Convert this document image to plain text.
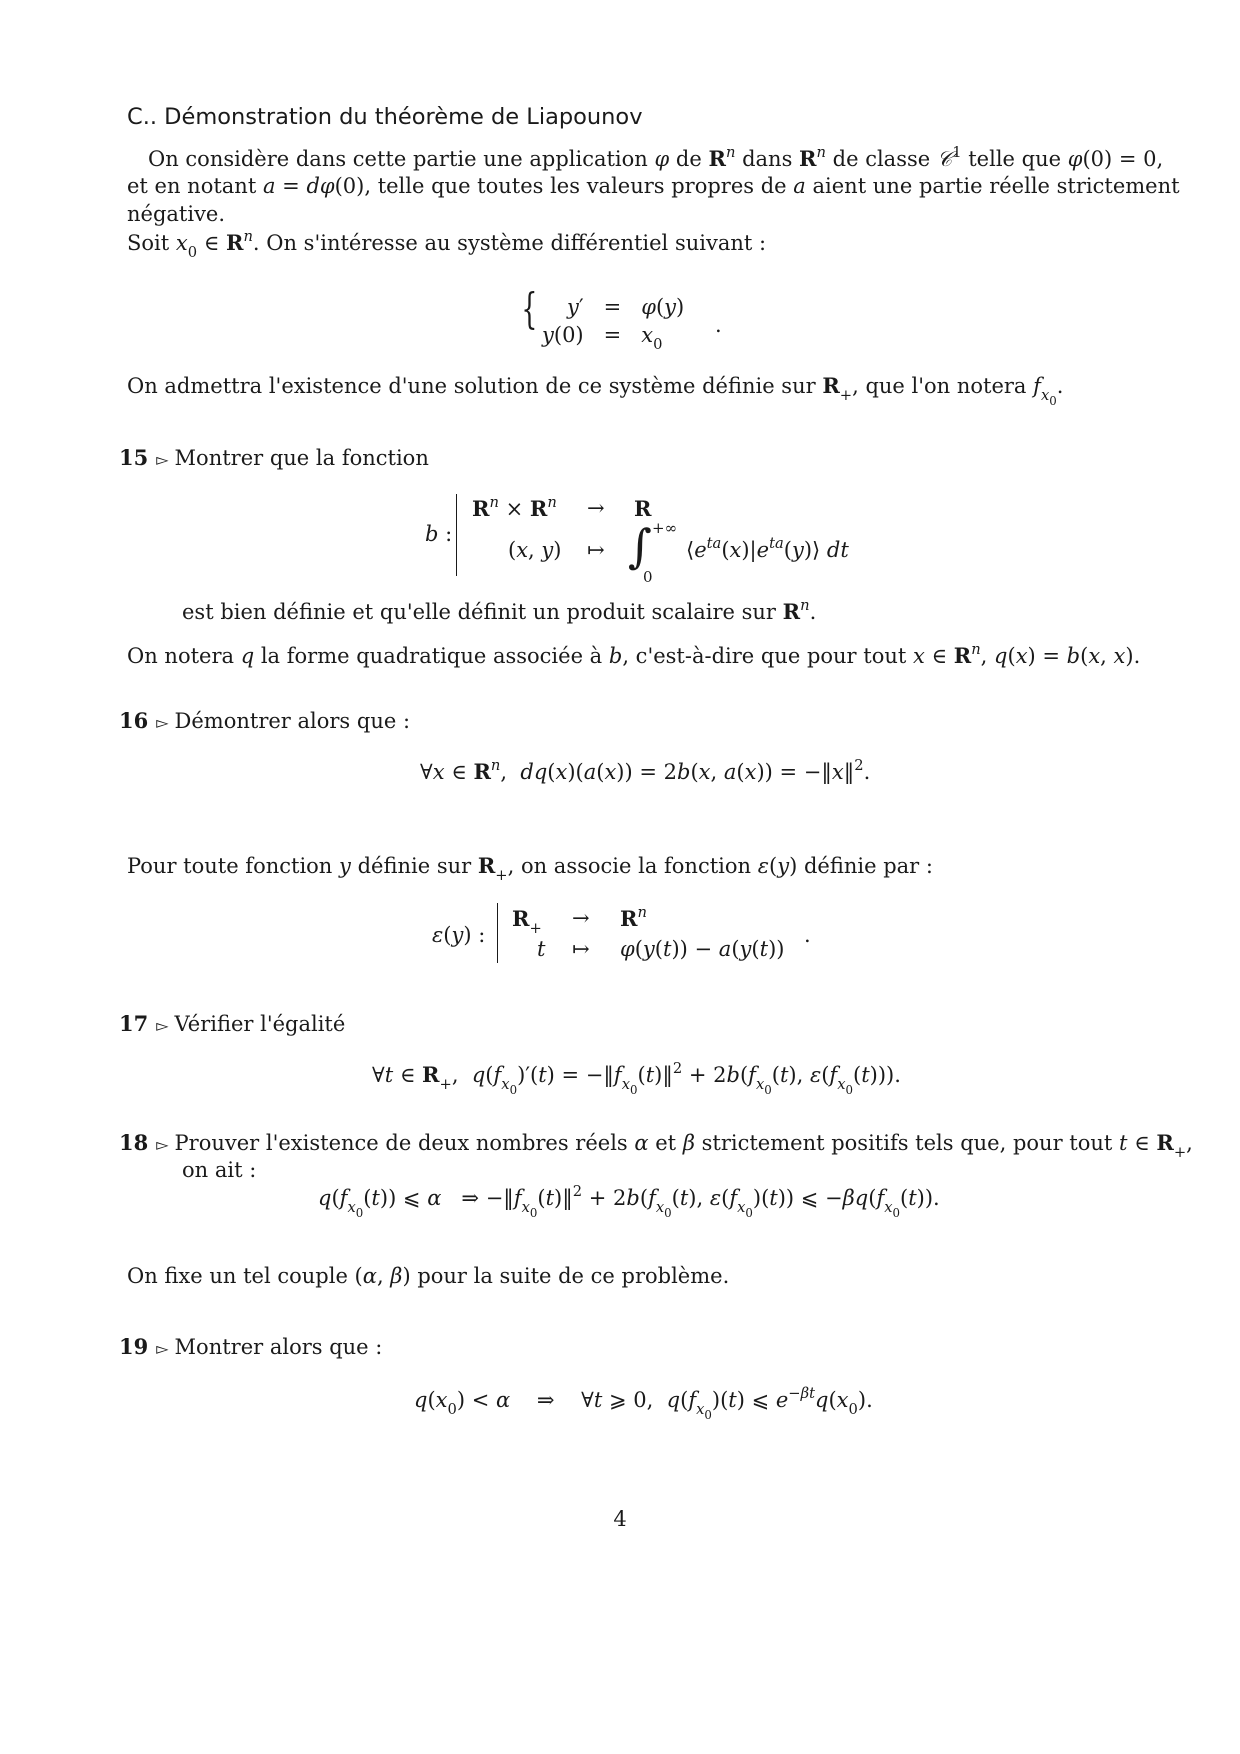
C.. Démonstration du théorème de Liapounov
On considère dans cette partie une application φ de $R^n$ dans $R^n$ de classe 𝒞$^1$ telle que φ(0) = 0,
et en notant a = dφ(0), telle que toutes les valeurs propres de a aient une partie réelle strictement
négative.
Soit $x_0$ ∈ $R^n$. On s'intéresse au système différentiel suivant :
{ y′	=	φ(y)
y(0)	=	$x_0$
.
On admettra l'existence d'une solution de ce système définie sur $R_+$, que l'on notera $f_{x_0}$.
15 ▻ Montrer que la fonction
b :
$R^n \times R^n \to R$
(x, y) ↦ ∫ +∞
0
$⟨e^{ta}(x)|e^{ta}(y)⟩$ dt
est bien définie et qu'elle définit un produit scalaire sur $R^n$.
On notera q la forme quadratique associée à b, c'est-à-dire que pour tout x ∈ $R^n$, q(x) = b(x, x).
16 ▻ Démontrer alors que :
∀x ∈ $R^n$,  dq(x)(a(x)) = 2b(x, a(x)) = −‖x‖$^2$.
Pour toute fonction y définie sur $R_+$, on associe la fonction ε(y) définie par :
ε(y) :
$R_+ \to R^n$
t ↦ φ(y(t)) − a(y(t))
.
17 ▻ Vérifier l'égalité
∀t ∈ $R_+$,  $q(f_{x_0})'(t)$ = $-‖f_{x_0}(t)‖^2 + 2b(f_{x_0}(t)$, $\varepsilon(f_{x_0}(t))$).
18 ▻ Prouver l'existence de deux nombres réels α et β strictement positifs tels que, pour tout t ∈ $R_+$,
on ait :
$q(f_{x_0}(t))$ ⩽ α   ⇒ $-‖f_{x_0}(t)‖^2 + 2b(f_{x_0}(t)$, $\varepsilon(f_{x_0})(t)$) ⩽ $-\beta q(f_{x_0}(t))$.
On fixe un tel couple (α, β) pour la suite de ce problème.
19 ▻ Montrer alors que :
$q(x_0) < \alpha$    ⇒    ∀t ⩾ 0,  $q(f_{x_0})(t)$ ⩽ $e^{-\beta t}q(x_0)$.
4
